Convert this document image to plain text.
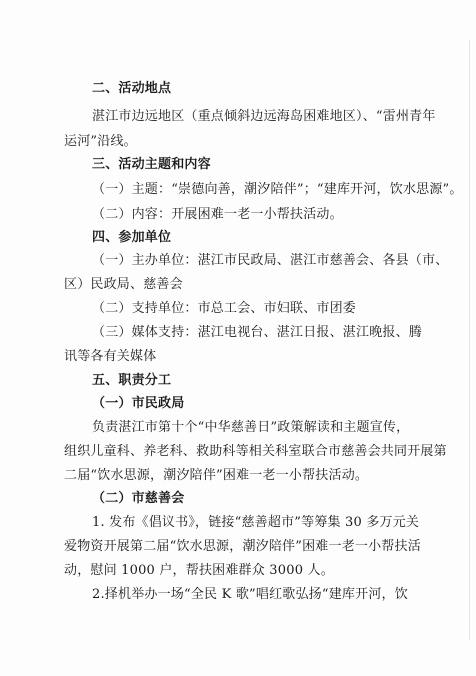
二、活动地点
湛江市边远地区（重点倾斜边远海岛困难地区）、“雷州青年
运河”沿线。
三、活动主题和内容
（一）主题：“崇德向善，潮汐陪伴”；“建库开河，饮水思源”。
（二）内容：开展困难一老一小帮扶活动。
四、参加单位
（一）主办单位：湛江市民政局、湛江市慈善会、各县（市、
区）民政局、慈善会
（二）支持单位：市总工会、市妇联、市团委
（三）媒体支持：湛江电视台、湛江日报、湛江晚报、腾
讯等各有关媒体
五、职责分工
（一）市民政局
负责湛江市第十个“中华慈善日”政策解读和主题宣传，
组织儿童科、养老科、救助科等相关科室联合市慈善会共同开展第
二届“饮水思源，潮汐陪伴”困难一老一小帮扶活动。
（二）市慈善会
1. 发布《倡议书》，链接“慈善超市”等筹集 30 多万元关
爱物资开展第二届“饮水思源，潮汐陪伴”困难一老一小帮扶活
动，慰问 1000 户，帮扶困难群众 3000 人。
2.择机举办一场“全民 K 歌”唱红歌弘扬“建库开河，饮
